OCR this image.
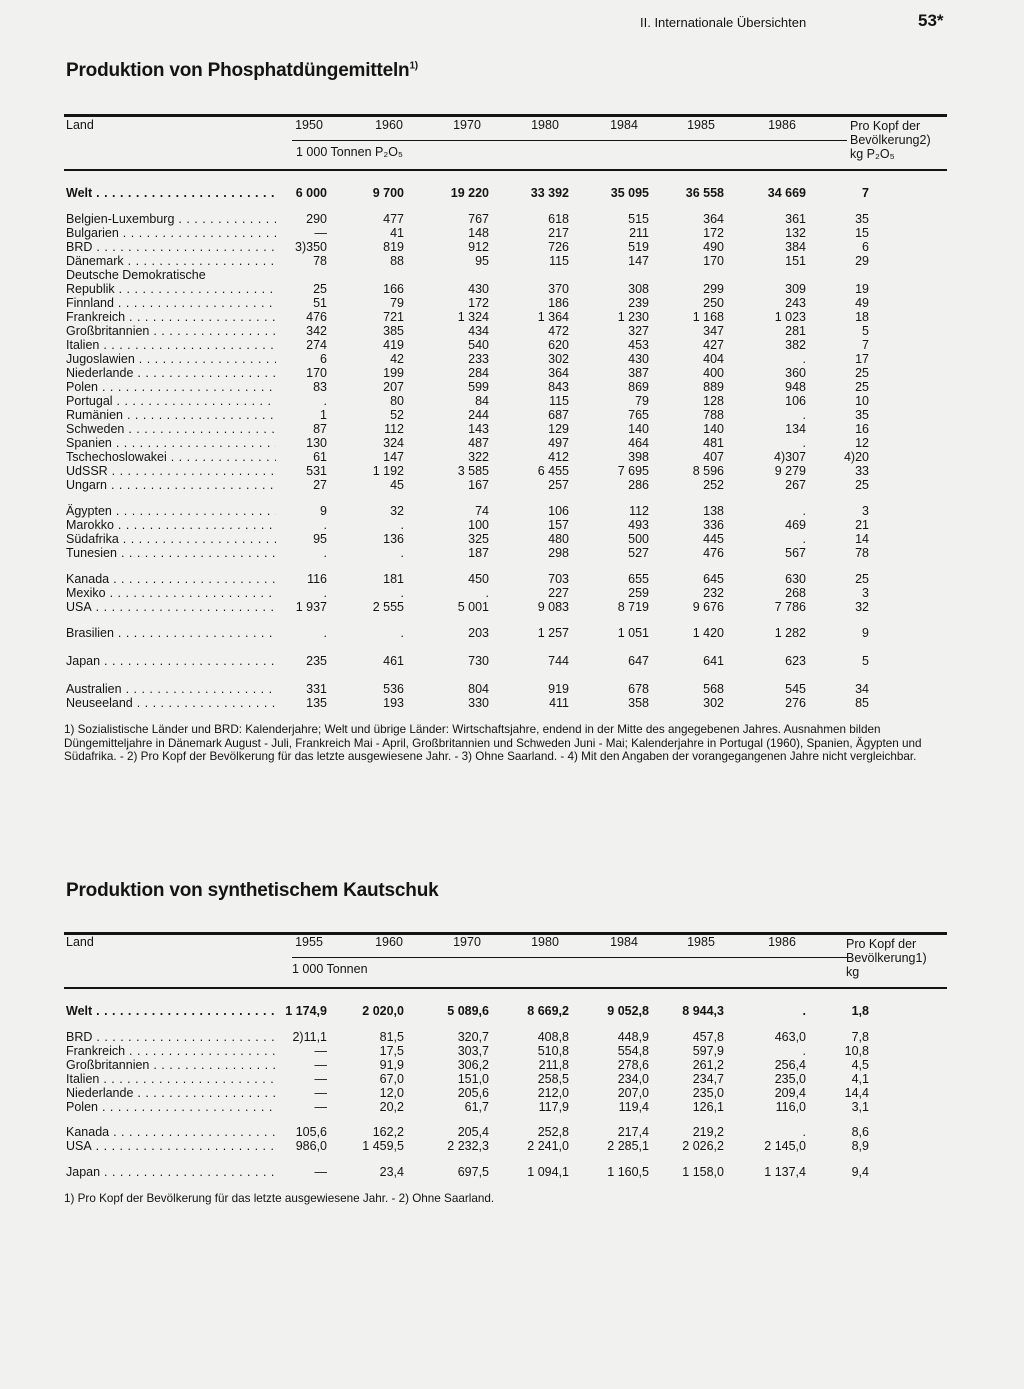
II. Internationale Übersichten	53*
Produktion von Phosphatdüngemitteln$^{1)}$
Land	1950	1960	1970	1980	1984	1985	1986
1 000 Tonnen P₂O₅
Pro Kopf der
Bevölkerung2)
kg P₂O₅
Welt . . .	6 000	9 700	19 220	33 392	35 095	36 558	34 669	7
Belgien-Luxemburg . . .	290	477	767	618	515	364	361	35
Bulgarien . . .	—	41	148	217	211	172	132	15
BRD . . .	3)350	819	912	726	519	490	384	6
Dänemark . . .	78	88	95	115	147	170	151	29
Deutsche Demokratische
Republik . . .	25	166	430	370	308	299	309	19
Finnland . . .	51	79	172	186	239	250	243	49
Frankreich . . .	476	721	1 324	1 364	1 230	1 168	1 023	18
Großbritannien . . .	342	385	434	472	327	347	281	5
Italien . . .	274	419	540	620	453	427	382	7
Jugoslawien . . .	6	42	233	302	430	404	.	17
Niederlande . . .	170	199	284	364	387	400	360	25
Polen . . .	83	207	599	843	869	889	948	25
Portugal . . .	.	80	84	115	79	128	106	10
Rumänien . . .	1	52	244	687	765	788	.	35
Schweden . . .	87	112	143	129	140	140	134	16
Spanien . . .	130	324	487	497	464	481	.	12
Tschechoslowakei . . .	61	147	322	412	398	407	4)307	4)20
UdSSR . . .	531	1 192	3 585	6 455	7 695	8 596	9 279	33
Ungarn . . .	27	45	167	257	286	252	267	25
Ägypten . . .	9	32	74	106	112	138	.	3
Marokko . . .	.	.	100	157	493	336	469	21
Südafrika . . .	95	136	325	480	500	445	.	14
Tunesien . . .	.	.	187	298	527	476	567	78
Kanada . . .	116	181	450	703	655	645	630	25
Mexiko . . .	.	.	.	227	259	232	268	3
USA . . .	1 937	2 555	5 001	9 083	8 719	9 676	7 786	32
Brasilien . . .	.	.	203	1 257	1 051	1 420	1 282	9
Japan . . .	235	461	730	744	647	641	623	5
Australien . . .	331	536	804	919	678	568	545	34
Neuseeland . . .	135	193	330	411	358	302	276	85
1) Sozialistische Länder und BRD: Kalenderjahre; Welt und übrige Länder: Wirtschaftsjahre, endend in der Mitte des angegebenen Jahres. Ausnahmen bilden Düngemitteljahre in Dänemark August - Juli, Frankreich Mai - April, Großbritannien und Schweden Juni - Mai; Kalenderjahre in Portugal (1960), Spanien, Ägypten und Südafrika. - 2) Pro Kopf der Bevölkerung für das letzte ausgewiesene Jahr. - 3) Ohne Saarland. - 4) Mit den Angaben der vorangegangenen Jahre nicht vergleichbar.
Produktion von synthetischem Kautschuk
Land	1955	1960	1970	1980	1984	1985	1986
1 000 Tonnen
Pro Kopf der
Bevölkerung1)
kg
Welt . . .	1 174,9	2 020,0	5 089,6	8 669,2	9 052,8	8 944,3	.	1,8
BRD . . .	2)11,1	81,5	320,7	408,8	448,9	457,8	463,0	7,8
Frankreich . . .	—	17,5	303,7	510,8	554,8	597,9	.	10,8
Großbritannien . . .	—	91,9	306,2	211,8	278,6	261,2	256,4	4,5
Italien . . .	—	67,0	151,0	258,5	234,0	234,7	235,0	4,1
Niederlande . . .	—	12,0	205,6	212,0	207,0	235,0	209,4	14,4
Polen . . .	—	20,2	61,7	117,9	119,4	126,1	116,0	3,1
Kanada . . .	105,6	162,2	205,4	252,8	217,4	219,2	.	8,6
USA . . .	986,0	1 459,5	2 232,3	2 241,0	2 285,1	2 026,2	2 145,0	8,9
Japan . . .	—	23,4	697,5	1 094,1	1 160,5	1 158,0	1 137,4	9,4
1) Pro Kopf der Bevölkerung für das letzte ausgewiesene Jahr. - 2) Ohne Saarland.
